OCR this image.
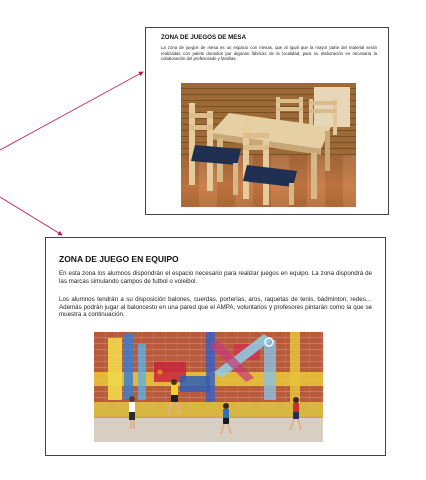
ZONA DE JUEGOS DE MESA
La zona de juegos de mesa es un espacio con mesas, que al igual que la mayor parte del material serán realizadas con palets donados por algunas fábricas de la localidad, para su elaboración es necesaria la colaboración del profesorado y familias.
ZONA DE JUEGO EN EQUIPO
En esta zona los alumnos dispondrán el espacio necesario para realizar juegos en equipo. La zona dispondrá de las marcas simulando campos de futbol o voleibol.
Los alumnos tendrán a su disposición balones, cuerdas, porterías, aros, raquetas de tenis, bádminton, redes… Además podrán jugar al baloncesto en una pared que el AMPA, voluntarios y profesores pintarán como la que se muestra a continuación.
